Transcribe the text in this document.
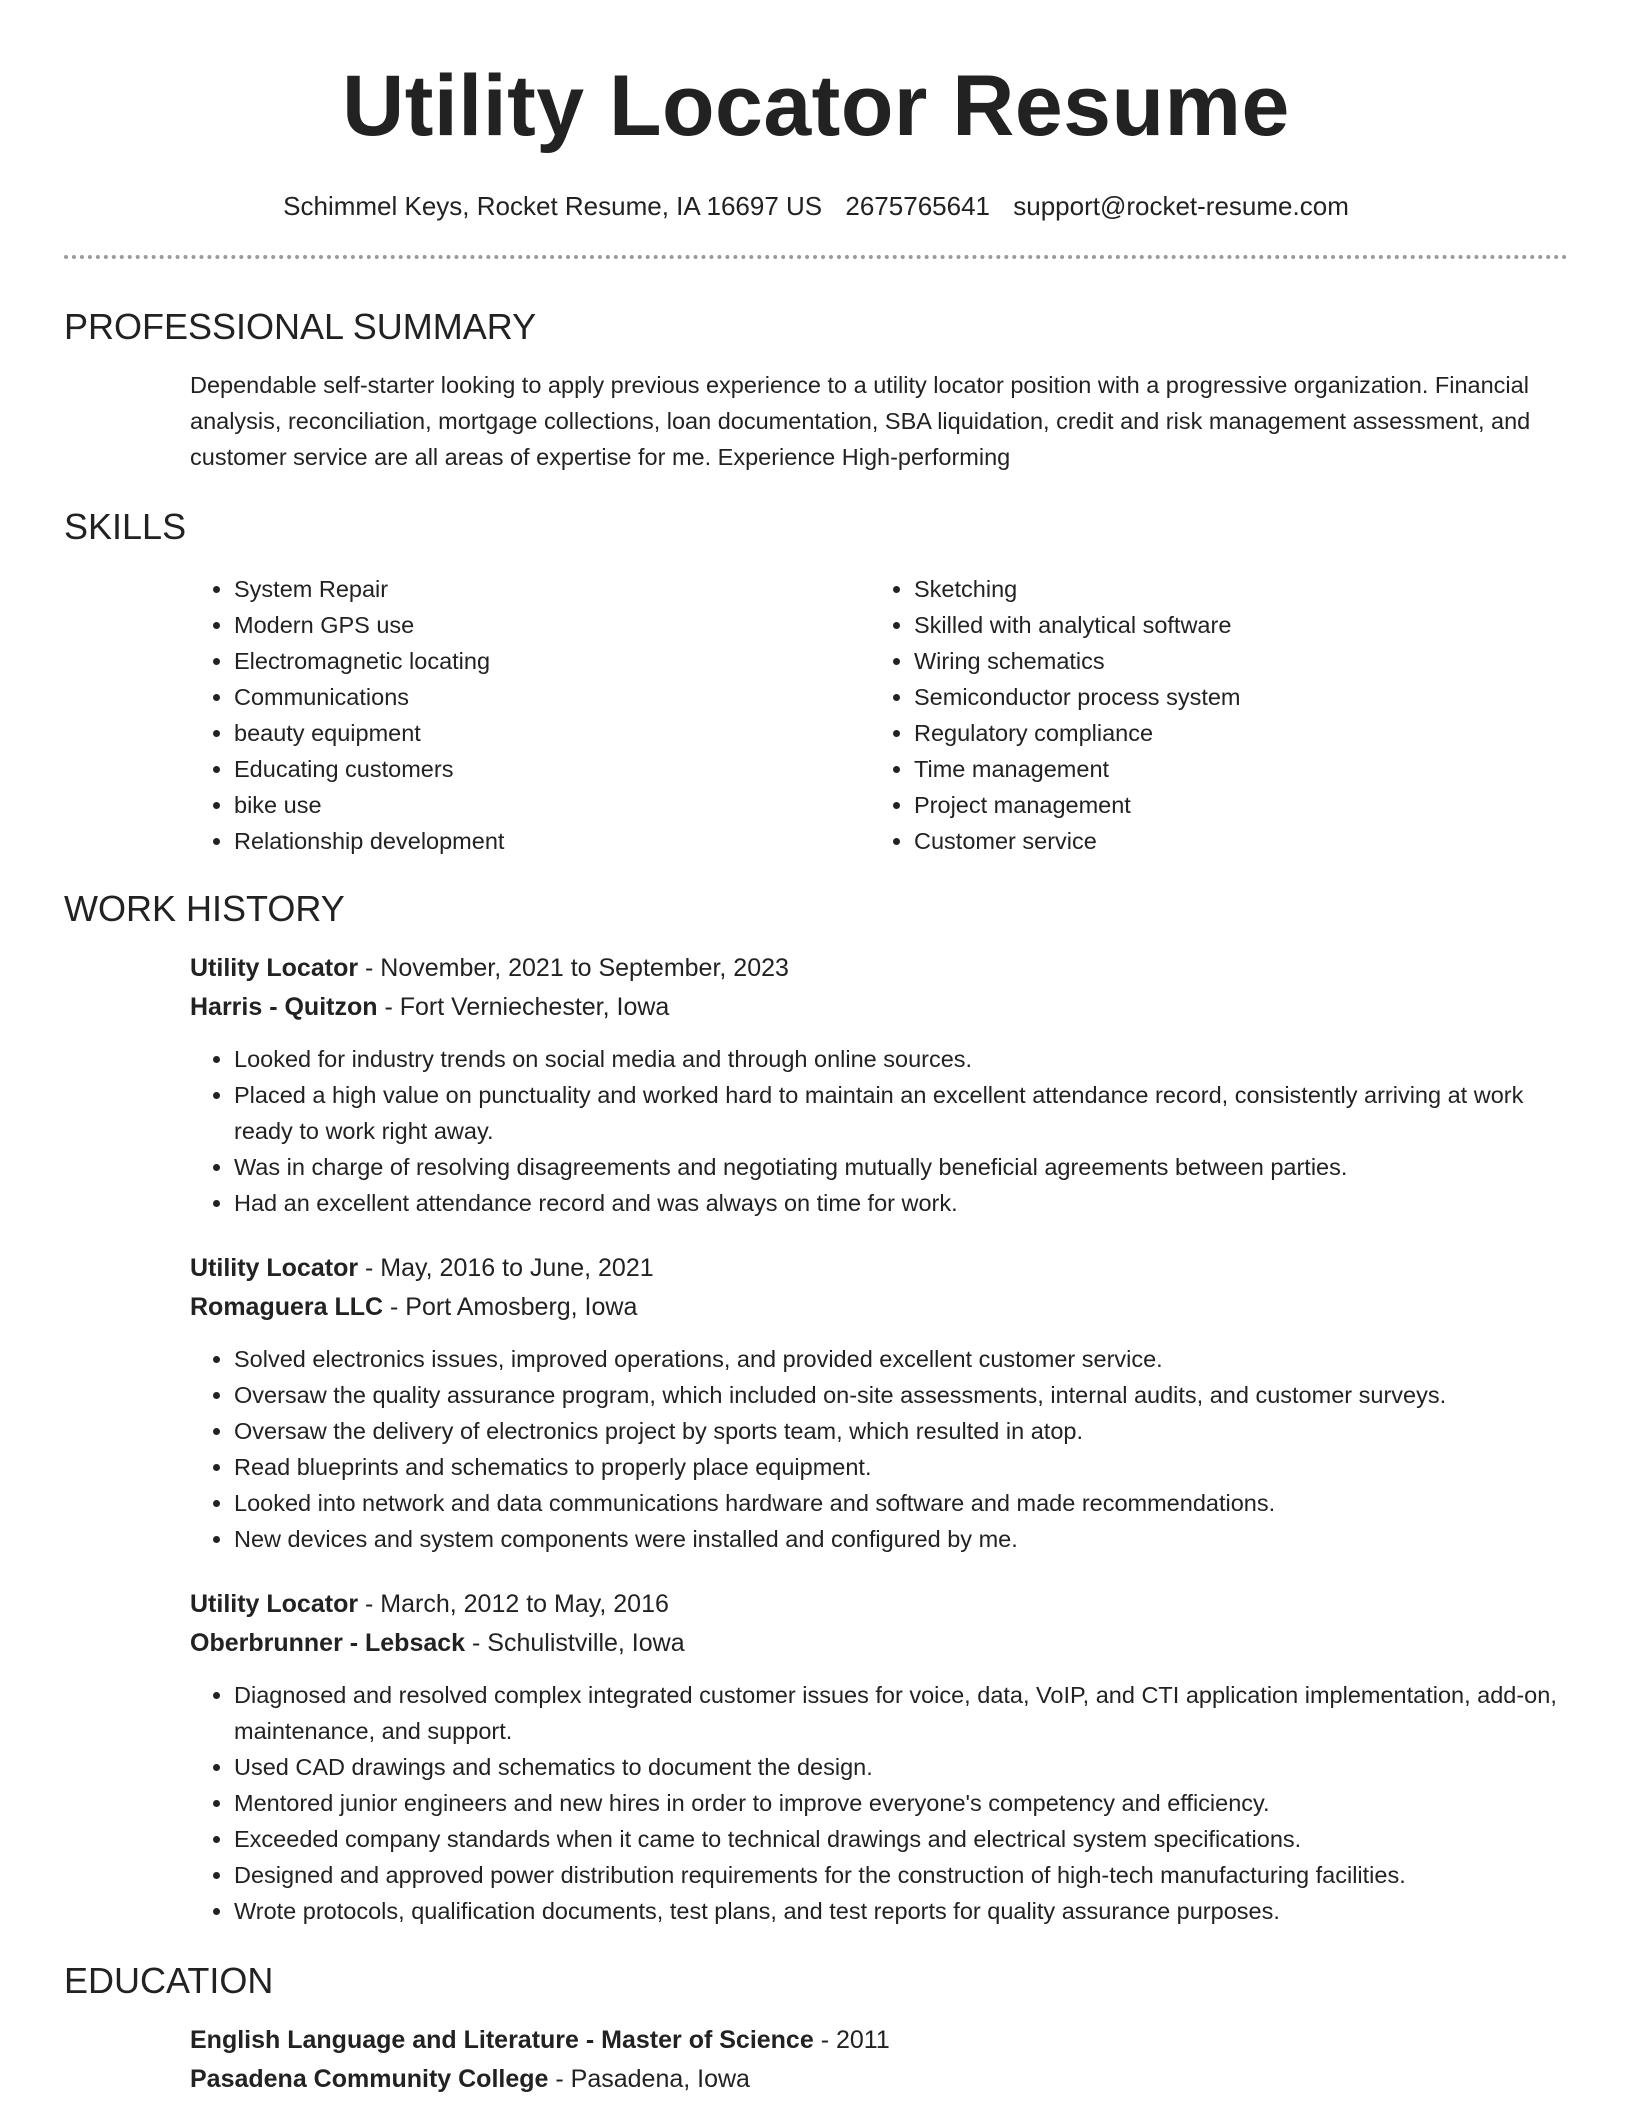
Utility Locator Resume
Schimmel Keys, Rocket Resume, IA 16697 US 2675765641 support@rocket-resume.com
PROFESSIONAL SUMMARY

Dependable self-starter looking to apply previous experience to a utility locator position with a progressive organization. Financial analysis, reconciliation, mortgage collections, loan documentation, SBA liquidation, credit and risk management assessment, and customer service are all areas of expertise for me. Experience High-performing

SKILLS
• System Repair
• Modern GPS use
• Electromagnetic locating
• Communications
• beauty equipment
• Educating customers
• bike use
• Relationship development
• Sketching
• Skilled with analytical software
• Wiring schematics
• Semiconductor process system
• Regulatory compliance
• Time management
• Project management
• Customer service
WORK HISTORY
Utility Locator - November, 2021 to September, 2023
Harris - Quitzon - Fort Verniechester, Iowa
• Looked for industry trends on social media and through online sources.
• Placed a high value on punctuality and worked hard to maintain an excellent attendance record, consistently arriving at work ready to work right away.
• Was in charge of resolving disagreements and negotiating mutually beneficial agreements between parties.
• Had an excellent attendance record and was always on time for work.
Utility Locator - May, 2016 to June, 2021
Romaguera LLC - Port Amosberg, Iowa
• Solved electronics issues, improved operations, and provided excellent customer service.
• Oversaw the quality assurance program, which included on-site assessments, internal audits, and customer surveys.
• Oversaw the delivery of electronics project by sports team, which resulted in atop.
• Read blueprints and schematics to properly place equipment.
• Looked into network and data communications hardware and software and made recommendations.
• New devices and system components were installed and configured by me.
Utility Locator - March, 2012 to May, 2016
Oberbrunner - Lebsack - Schulistville, Iowa
• Diagnosed and resolved complex integrated customer issues for voice, data, VoIP, and CTI application implementation, add-on, maintenance, and support.
• Used CAD drawings and schematics to document the design.
• Mentored junior engineers and new hires in order to improve everyone's competency and efficiency.
• Exceeded company standards when it came to technical drawings and electrical system specifications.
• Designed and approved power distribution requirements for the construction of high-tech manufacturing facilities.
• Wrote protocols, qualification documents, test plans, and test reports for quality assurance purposes.
EDUCATION
English Language and Literature - Master of Science - 2011
Pasadena Community College - Pasadena, Iowa
